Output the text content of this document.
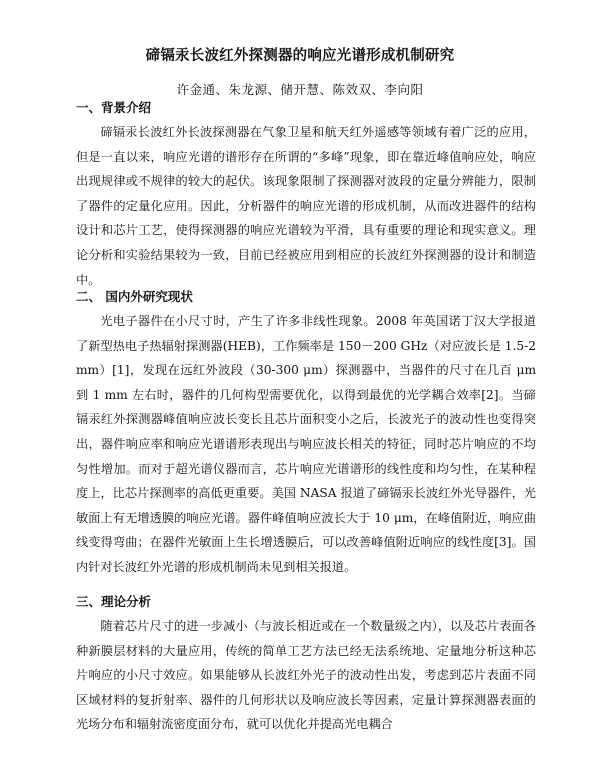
碲镉汞长波红外探测器的响应光谱形成机制研究
许金通、朱龙源、储开慧、陈效双、李向阳
一、背景介绍

碲镉汞长波红外长波探测器在气象卫星和航天红外遥感等领域有着广泛的应用，但是一直以来，响应光谱的谱形存在所谓的“多峰”现象，即在靠近峰值响应处，响应出现规律或不规律的较大的起伏。该现象限制了探测器对波段的定量分辨能力，限制了器件的定量化应用。因此，分析器件的响应光谱的形成机制，从而改进器件的结构设计和芯片工艺，使得探测器的响应光谱较为平滑，具有重要的理论和现实意义。理论分析和实验结果较为一致，目前已经被应用到相应的长波红外探测器的设计和制造中。

二、 国内外研究现状

光电子器件在小尺寸时，产生了许多非线性现象。2008 年英国诺丁汉大学报道了新型热电子热辐射探测器(HEB)，工作频率是 150－200 GHz（对应波长是 1.5-2 mm）[1]，发现在远红外波段（30-300 μm）探测器中，当器件的尺寸在几百 μm 到 1 mm 左右时，器件的几何构型需要优化，以得到最优的光学耦合效率[2]。当碲镉汞红外探测器峰值响应波长变长且芯片面积变小之后，长波光子的波动性也变得突出，器件响应率和响应光谱谱形表现出与响应波长相关的特征，同时芯片响应的不均匀性增加。而对于超光谱仪器而言，芯片响应光谱谱形的线性度和均匀性，在某种程度上，比芯片探测率的高低更重要。美国 NASA 报道了碲镉汞长波红外光导器件，光敏面上有无增透膜的响应光谱。器件峰值响应波长大于 10 μm，在峰值附近，响应曲线变得弯曲；在器件光敏面上生长增透膜后，可以改善峰值附近响应的线性度[3]。国内针对长波红外光谱的形成机制尚未见到相关报道。

三、理论分析

随着芯片尺寸的进一步减小（与波长相近或在一个数量级之内），以及芯片表面各种新膜层材料的大量应用，传统的简单工艺方法已经无法系统地、定量地分析这种芯片响应的小尺寸效应。如果能够从长波红外光子的波动性出发，考虑到芯片表面不同区域材料的复折射率、器件的几何形状以及响应波长等因素，定量计算探测器表面的光场分布和辐射流密度面分布，就可以优化并提高光电耦合
